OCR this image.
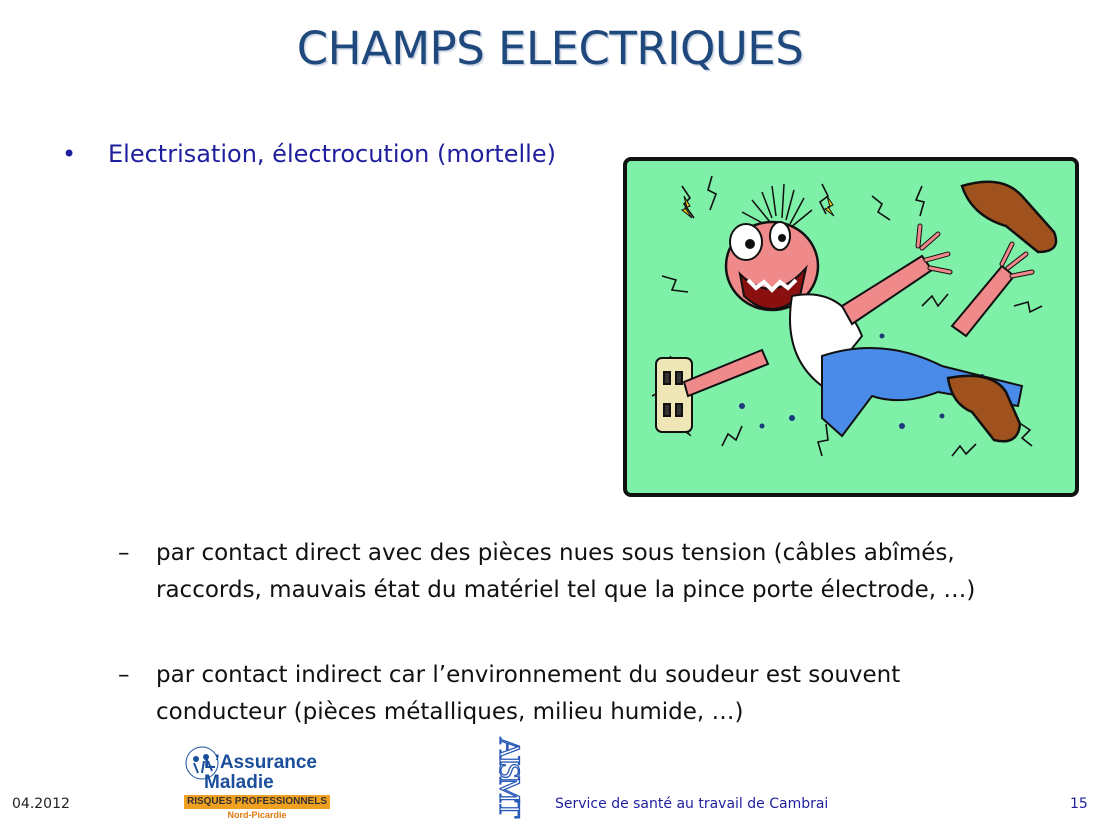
CHAMPS ELECTRIQUES
• Electrisation, électrocution (mortelle)
–	par contact direct avec des pièces nues sous tension (câbles abîmés, raccords, mauvais état du matériel tel que la pince porte électrode, …)
–	par contact indirect car l’environnement du soudeur est souvent conducteur (pièces métalliques, milieu humide, …)
04.2012
L’Assurance Maladie
RISQUES PROFESSIONNELS
Nord-Picardie	AISMT Service de santé au travail de Cambrai	15
